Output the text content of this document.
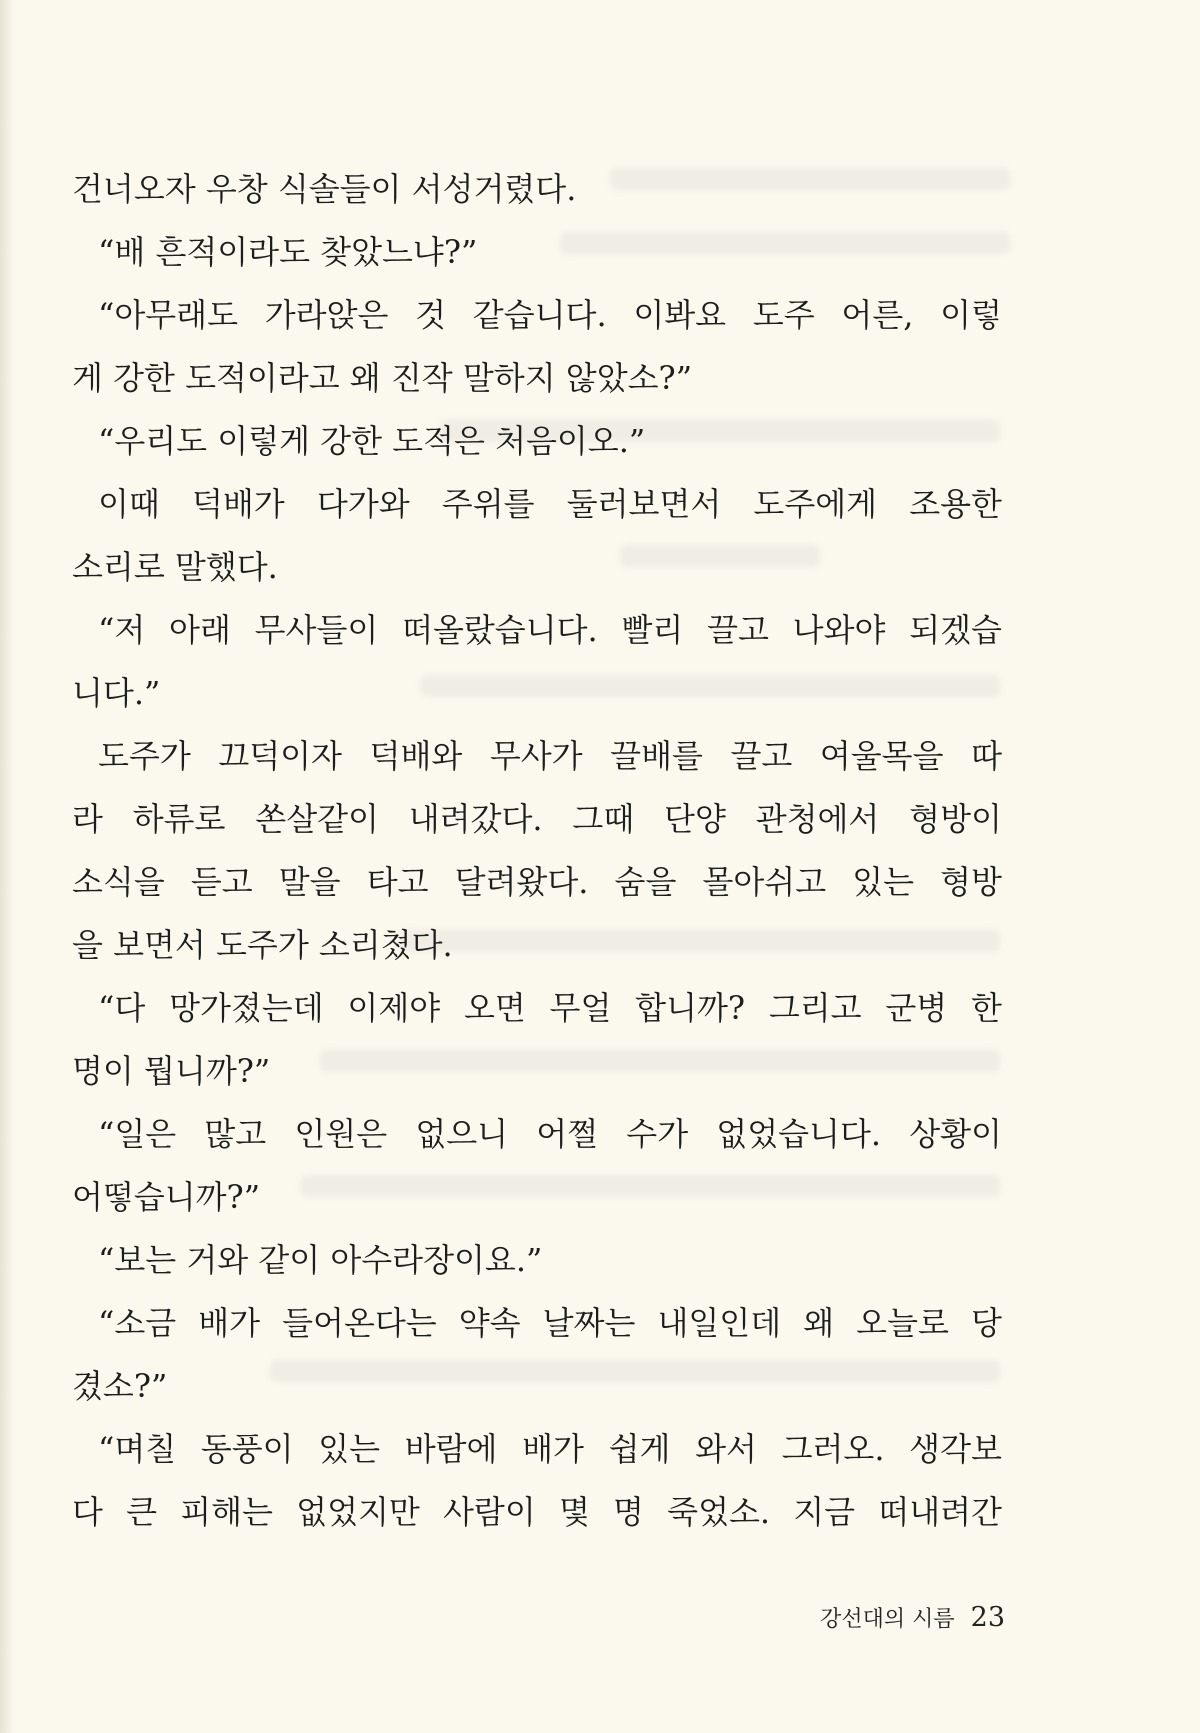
건너오자 우창 식솔들이 서성거렸다.
“배 흔적이라도 찾았느냐?”
“아무래도 가라앉은 것 같습니다. 이봐요 도주 어른, 이렇
게 강한 도적이라고 왜 진작 말하지 않았소?”
“우리도 이렇게 강한 도적은 처음이오.”
이때 덕배가 다가와 주위를 둘러보면서 도주에게 조용한
소리로 말했다.
“저 아래 무사들이 떠올랐습니다. 빨리 끌고 나와야 되겠습
니다.”
도주가 끄덕이자 덕배와 무사가 끌배를 끌고 여울목을 따
라 하류로 쏜살같이 내려갔다. 그때 단양 관청에서 형방이
소식을 듣고 말을 타고 달려왔다. 숨을 몰아쉬고 있는 형방
을 보면서 도주가 소리쳤다.
“다 망가졌는데 이제야 오면 무얼 합니까? 그리고 군병 한
명이 뭡니까?”
“일은 많고 인원은 없으니 어쩔 수가 없었습니다. 상황이
어떻습니까?”
“보는 거와 같이 아수라장이요.”
“소금 배가 들어온다는 약속 날짜는 내일인데 왜 오늘로 당
겼소?”
“며칠 동풍이 있는 바람에 배가 쉽게 와서 그러오. 생각보
다 큰 피해는 없었지만 사람이 몇 명 죽었소. 지금 떠내려간
강선대의 시름 23
